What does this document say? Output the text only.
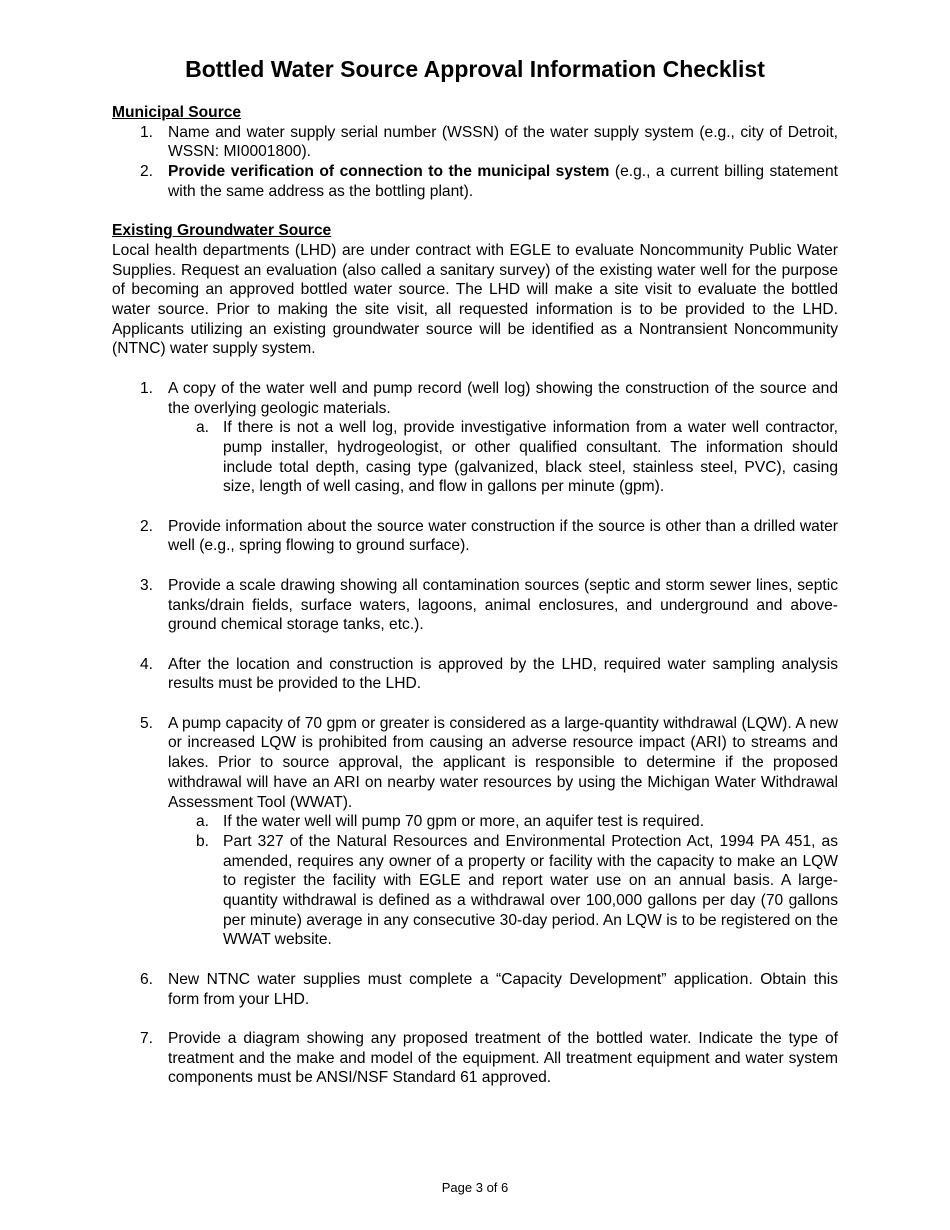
Bottled Water Source Approval Information Checklist

Municipal Source

1. Name and water supply serial number (WSSN) of the water supply system (e.g., city of Detroit, WSSN: MI0001800).
2. Provide verification of connection to the municipal system (e.g., a current billing statement with the same address as the bottling plant).

Existing Groundwater Source

Local health departments (LHD) are under contract with EGLE to evaluate Noncommunity Public Water Supplies. Request an evaluation (also called a sanitary survey) of the existing water well for the purpose of becoming an approved bottled water source. The LHD will make a site visit to evaluate the bottled water source. Prior to making the site visit, all requested information is to be provided to the LHD. Applicants utilizing an existing groundwater source will be identified as a Nontransient Noncommunity (NTNC) water supply system.

1. A copy of the water well and pump record (well log) showing the construction of the source and the overlying geologic materials.
a. If there is not a well log, provide investigative information from a water well contractor, pump installer, hydrogeologist, or other qualified consultant. The information should include total depth, casing type (galvanized, black steel, stainless steel, PVC), casing size, length of well casing, and flow in gallons per minute (gpm).
2. Provide information about the source water construction if the source is other than a drilled water well (e.g., spring flowing to ground surface).
3. Provide a scale drawing showing all contamination sources (septic and storm sewer lines, septic tanks/drain fields, surface waters, lagoons, animal enclosures, and underground and above-ground chemical storage tanks, etc.).
4. After the location and construction is approved by the LHD, required water sampling analysis results must be provided to the LHD.
5. A pump capacity of 70 gpm or greater is considered as a large-quantity withdrawal (LQW). A new or increased LQW is prohibited from causing an adverse resource impact (ARI) to streams and lakes. Prior to source approval, the applicant is responsible to determine if the proposed withdrawal will have an ARI on nearby water resources by using the Michigan Water Withdrawal Assessment Tool (WWAT).
a. If the water well will pump 70 gpm or more, an aquifer test is required.
b. Part 327 of the Natural Resources and Environmental Protection Act, 1994 PA 451, as amended, requires any owner of a property or facility with the capacity to make an LQW to register the facility with EGLE and report water use on an annual basis. A large-quantity withdrawal is defined as a withdrawal over 100,000 gallons per day (70 gallons per minute) average in any consecutive 30-day period. An LQW is to be registered on the WWAT website.
6. New NTNC water supplies must complete a “Capacity Development” application. Obtain this form from your LHD.
7. Provide a diagram showing any proposed treatment of the bottled water. Indicate the type of treatment and the make and model of the equipment. All treatment equipment and water system components must be ANSI/NSF Standard 61 approved.
Page 3 of 6
